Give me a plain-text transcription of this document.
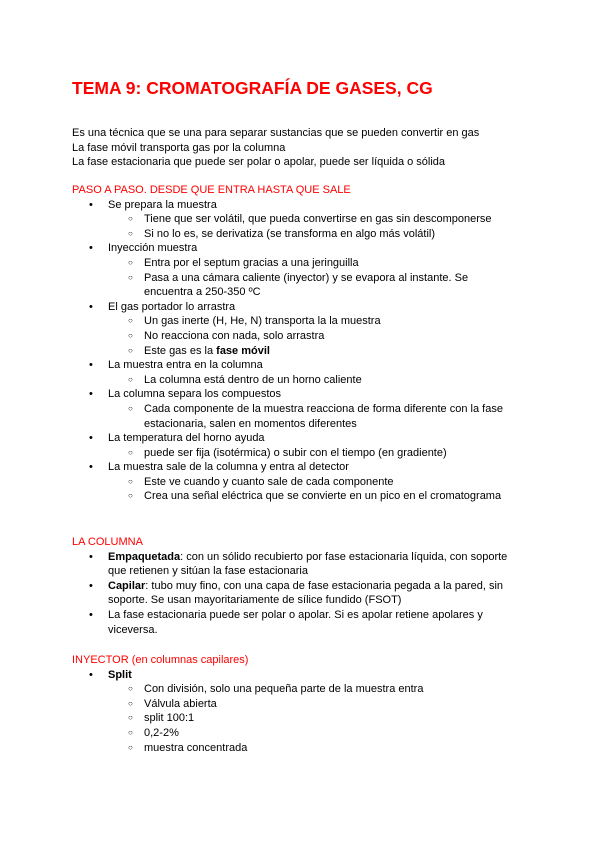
TEMA 9: CROMATOGRAFÍA DE GASES, CG

Es una técnica que se una para separar sustancias que se pueden convertir en gas

La fase móvil transporta gas por la columna

La fase estacionaria que puede ser polar o apolar, puede ser líquida o sólida

PASO A PASO. DESDE QUE ENTRA HASTA QUE SALE

• Se prepara la muestra
○ Tiene que ser volátil, que pueda convertirse en gas sin descomponerse
○ Si no lo es, se derivatiza (se transforma en algo más volátil)
• Inyección muestra
○ Entra por el septum gracias a una jeringuilla
○ Pasa a una cámara caliente (inyector) y se evapora al instante. Se encuentra a 250-350 ºC
• El gas portador lo arrastra
○ Un gas inerte (H, He, N) transporta la la muestra
○ No reacciona con nada, solo arrastra
○ Este gas es la fase móvil
• La muestra entra en la columna
○ La columna está dentro de un horno caliente
• La columna separa los compuestos
○ Cada componente de la muestra reacciona de forma diferente con la fase estacionaria, salen en momentos diferentes
• La temperatura del horno ayuda
○ puede ser fija (isotérmica) o subir con el tiempo (en gradiente)
• La muestra sale de la columna y entra al detector
○ Este ve cuando y cuanto sale de cada componente
○ Crea una señal eléctrica que se convierte en un pico en el cromatograma

LA COLUMNA

• Empaquetada: con un sólido recubierto por fase estacionaria líquida, con soporte que retienen y sitúan la fase estacionaria
• Capilar: tubo muy fino, con una capa de fase estacionaria pegada a la pared, sin soporte. Se usan mayoritariamente de sílice fundido (FSOT)
• La fase estacionaria puede ser polar o apolar. Si es apolar retiene apolares y viceversa.

INYECTOR (en columnas capilares)

• Split
○ Con división, solo una pequeña parte de la muestra entra
○ Válvula abierta
○ split 100:1
○ 0,2-2%
○ muestra concentrada
